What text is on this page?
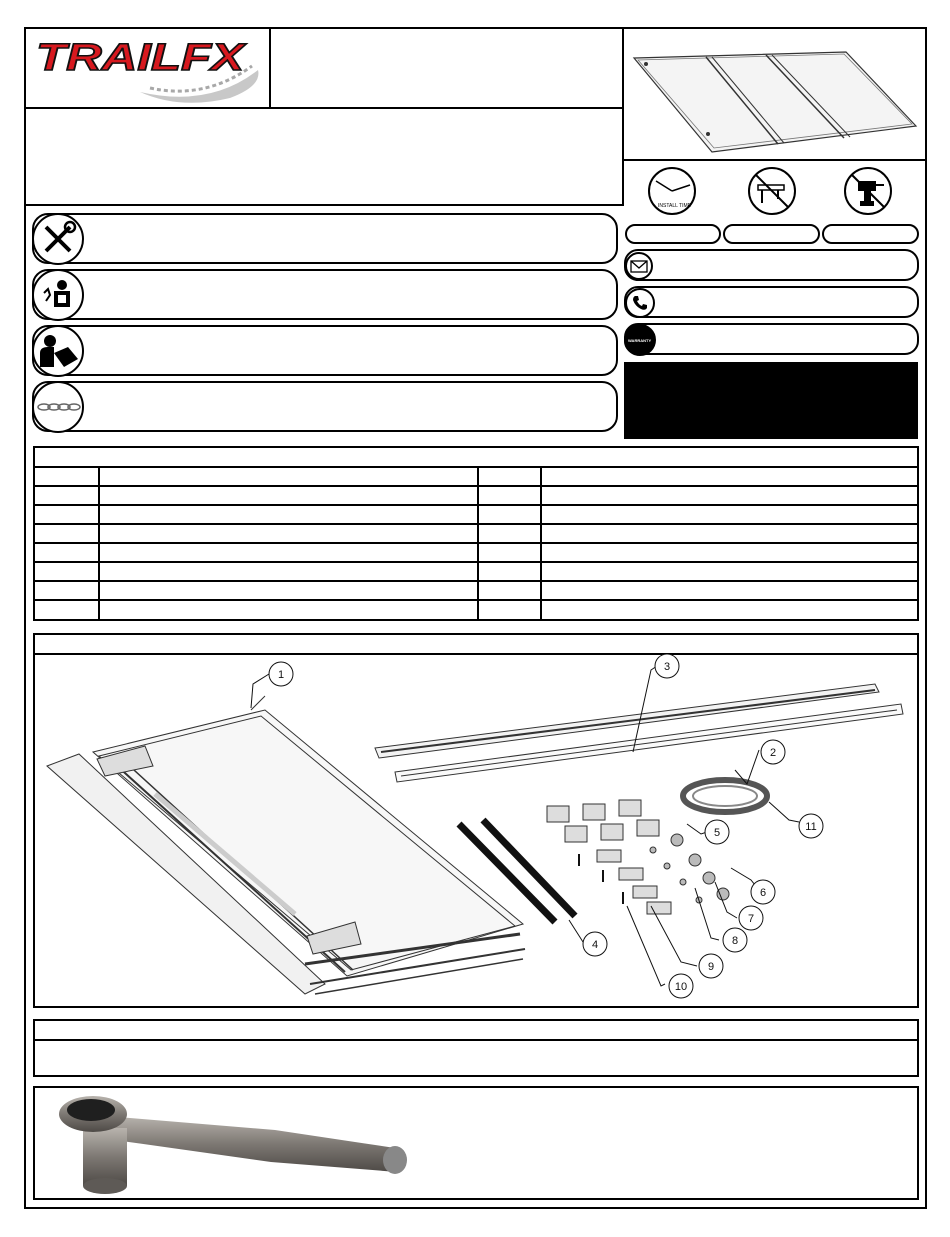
TRAILFX
INSTALL TIME
WARRANTY
1
2
3
4
5
6
7
8
9
10
11
